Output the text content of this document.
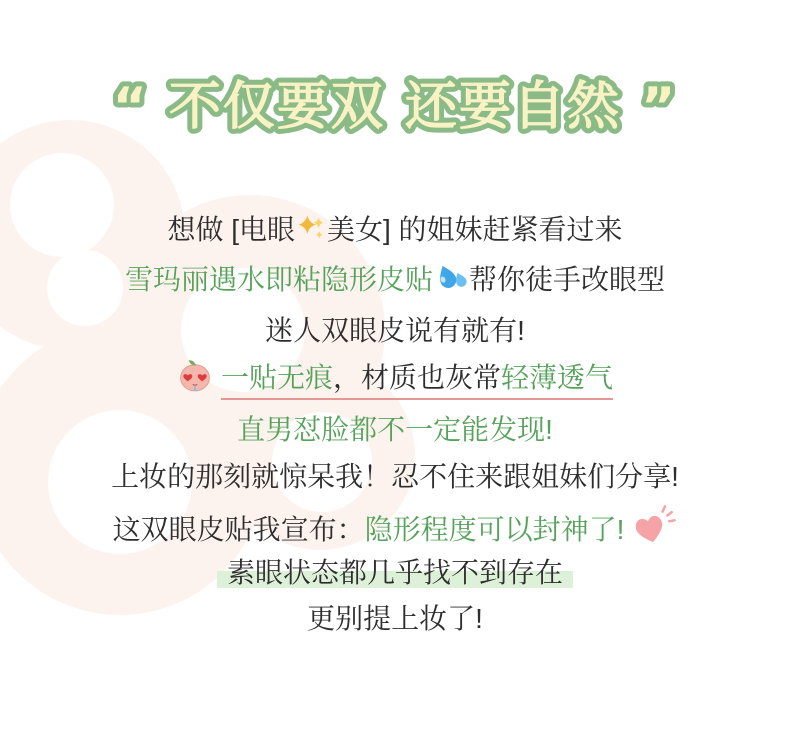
“ 不仅要双 还要自然 ”
想做 [电眼 美女] 的姐妹赶紧看过来
雪玛丽遇水即粘隐形皮贴 帮你徒手改眼型
迷人双眼皮说有就有!
一贴无痕，材质也灰常轻薄透气
直男怼脸都不一定能发现!
上妆的那刻就惊呆我！忍不住来跟姐妹们分享!
这双眼皮贴我宣布：隐形程度可以封神了!
素眼状态都几乎找不到存在
更别提上妆了!
